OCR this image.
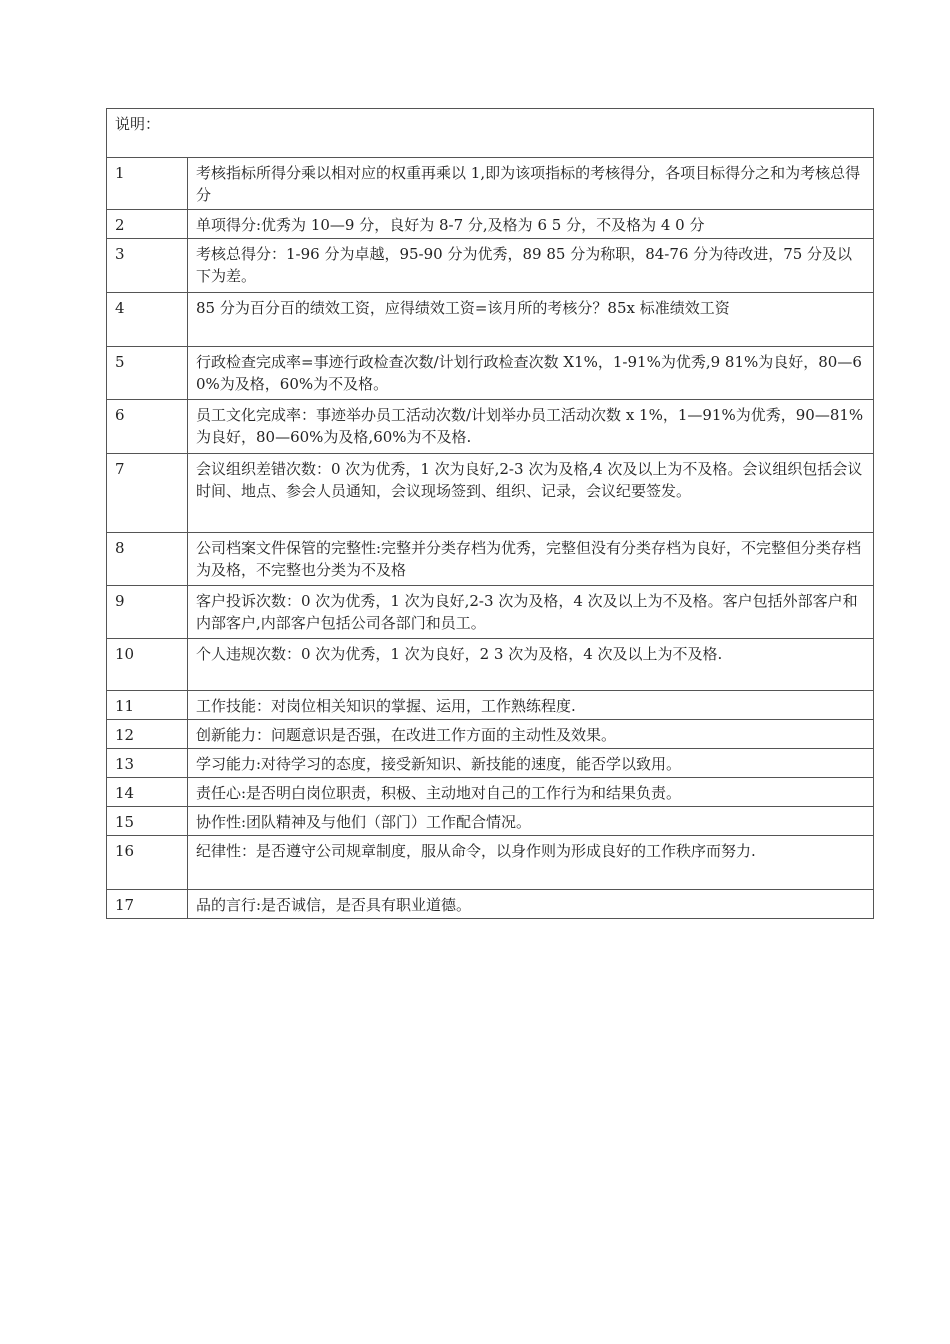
说明：	
1	考核指标所得分乘以相对应的权重再乘以 1,即为该项指标的考核得分，各项目标得分之和为考核总得分
2	单项得分:优秀为 10—9 分，良好为 8-7 分,及格为 6 5 分，不及格为 4 0 分
3	考核总得分：1-96 分为卓越，95-90 分为优秀，89 85 分为称职，84-76 分为待改进，75 分及以下为差。
4	85 分为百分百的绩效工资，应得绩效工资=该月所的考核分？85x 标准绩效工资
5	行政检查完成率=事迹行政检查次数/计划行政检查次数 X1%，1-91%为优秀,9 81%为良好，80—60%为及格，60%为不及格。
6	员工文化完成率：事迹举办员工活动次数/计划举办员工活动次数 x 1%，1—91%为优秀，90—81%为良好，80—60%为及格,60%为不及格.
7	会议组织差错次数：0 次为优秀，1 次为良好,2-3 次为及格,4 次及以上为不及格。会议组织包括会议时间、地点、参会人员通知，会议现场签到、组织、记录，会议纪要签发。
8	公司档案文件保管的完整性:完整并分类存档为优秀，完整但没有分类存档为良好，不完整但分类存档为及格，不完整也分类为不及格
9	客户投诉次数：0 次为优秀，1 次为良好,2-3 次为及格，4 次及以上为不及格。客户包括外部客户和内部客户,内部客户包括公司各部门和员工。
10	个人违规次数：0 次为优秀，1 次为良好，2 3 次为及格，4 次及以上为不及格.
11	工作技能：对岗位相关知识的掌握、运用，工作熟练程度.
12	创新能力：问题意识是否强，在改进工作方面的主动性及效果。
13	学习能力:对待学习的态度，接受新知识、新技能的速度，能否学以致用。
14	责任心:是否明白岗位职责，积极、主动地对自己的工作行为和结果负责。
15	协作性:团队精神及与他们（部门）工作配合情况。
16	纪律性：是否遵守公司规章制度，服从命令，以身作则为形成良好的工作秩序而努力.
17	品的言行:是否诚信，是否具有职业道德。
